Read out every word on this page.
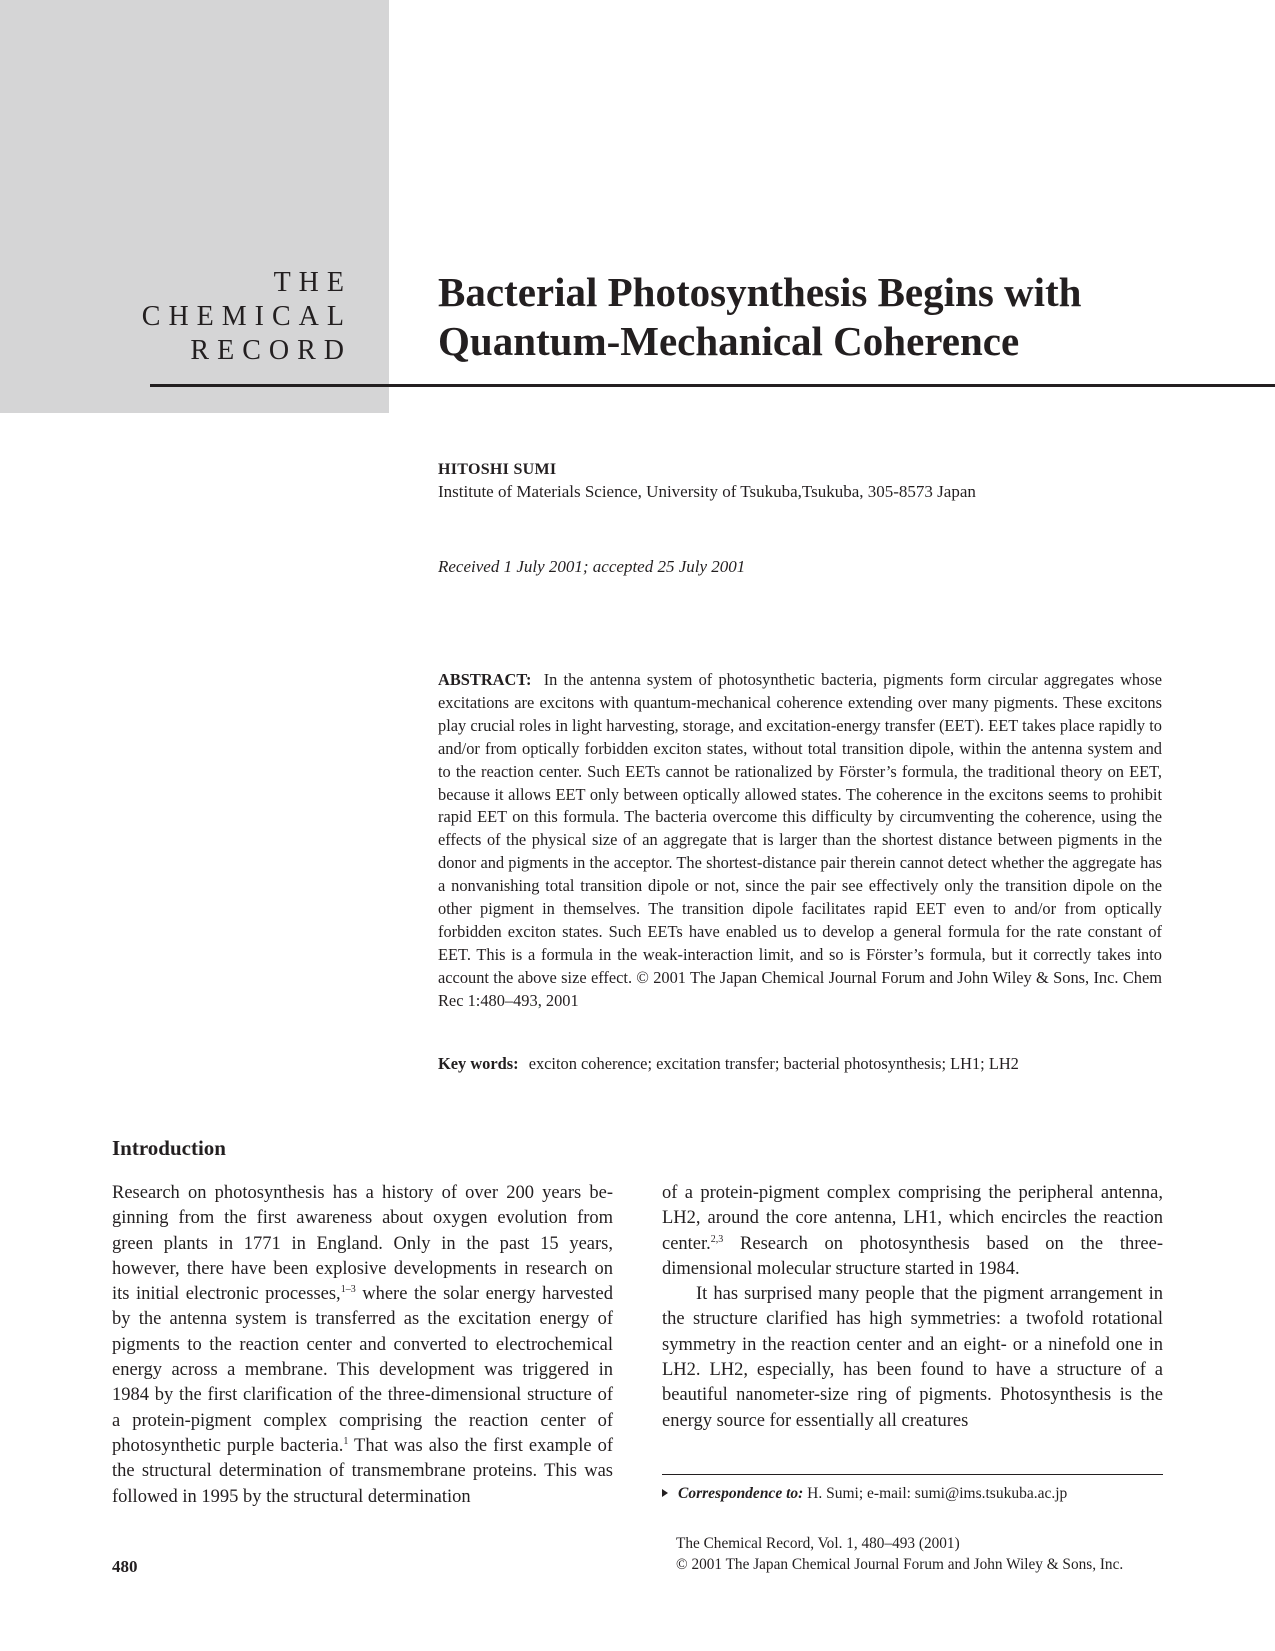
THE
CHEMICAL
RECORD
Bacterial Photosynthesis Begins with
Quantum-Mechanical Coherence
HITOSHI SUMI
Institute of Materials Science, University of Tsukuba,Tsukuba, 305-8573 Japan
Received 1 July 2001; accepted 25 July 2001
ABSTRACT: In the antenna system of photosynthetic bacteria, pigments form circular aggregates whose excitations are excitons with quantum-mechanical coherence extending over many pigments. These excitons play crucial roles in light harvesting, storage, and excitation-energy transfer (EET). EET takes place rapidly to and/or from optically forbidden exciton states, without total transition dipole, within the antenna system and to the reaction center. Such EETs cannot be rationalized by Förster’s formula, the traditional theory on EET, because it allows EET only between optically allowed states. The coherence in the excitons seems to prohibit rapid EET on this formula. The bacteria overcome this difficulty by circumventing the coherence, using the effects of the physical size of an aggregate that is larger than the shortest distance between pigments in the donor and pigments in the acceptor. The shortest-distance pair therein cannot detect whether the aggregate has a nonvanishing total transition dipole or not, since the pair see effectively only the transition dipole on the other pigment in themselves. The transition dipole facilitates rapid EET even to and/or from optically forbidden exciton states. Such EETs have enabled us to develop a general formula for the rate constant of EET. This is a formula in the weak-interaction limit, and so is Förster’s formula, but it correctly takes into account the above size effect. © 2001 The Japan Chemical Journal Forum and John Wiley & Sons, Inc. Chem Rec 1:480–493, 2001
Key words: exciton coherence; excitation transfer; bacterial photosynthesis; LH1; LH2
Introduction

Research on photosynthesis has a history of over 200 years beginning from the first awareness about oxygen evolution from green plants in 1771 in England. Only in the past 15 years, however, there have been explosive developments in research on its initial electronic processes,$^{1-3}$ where the solar energy harvested by the antenna system is transferred as the excitation energy of pigments to the reaction center and converted to electrochemical energy across a membrane. This development was triggered in 1984 by the first clarification of the three-dimensional structure of a protein-pigment complex comprising the reaction center of photosynthetic purple bacteria.$^1$ That was also the first example of the structural determination of transmembrane proteins. This was followed in 1995 by the structural determination

of a protein-pigment complex comprising the peripheral antenna, LH2, around the core antenna, LH1, which encircles the reaction center.$^{2,3}$ Research on photosynthesis based on the three-dimensional molecular structure started in 1984.

It has surprised many people that the pigment arrangement in the structure clarified has high symmetries: a twofold rotational symmetry in the reaction center and an eight- or a ninefold one in LH2. LH2, especially, has been found to have a structure of a beautiful nanometer-size ring of pigments. Photosynthesis is the energy source for essentially all creatures

Correspondence to: H. Sumi; e-mail: sumi@ims.tsukuba.ac.jp
480
The Chemical Record, Vol. 1, 480–493 (2001)
© 2001 The Japan Chemical Journal Forum and John Wiley & Sons, Inc.
